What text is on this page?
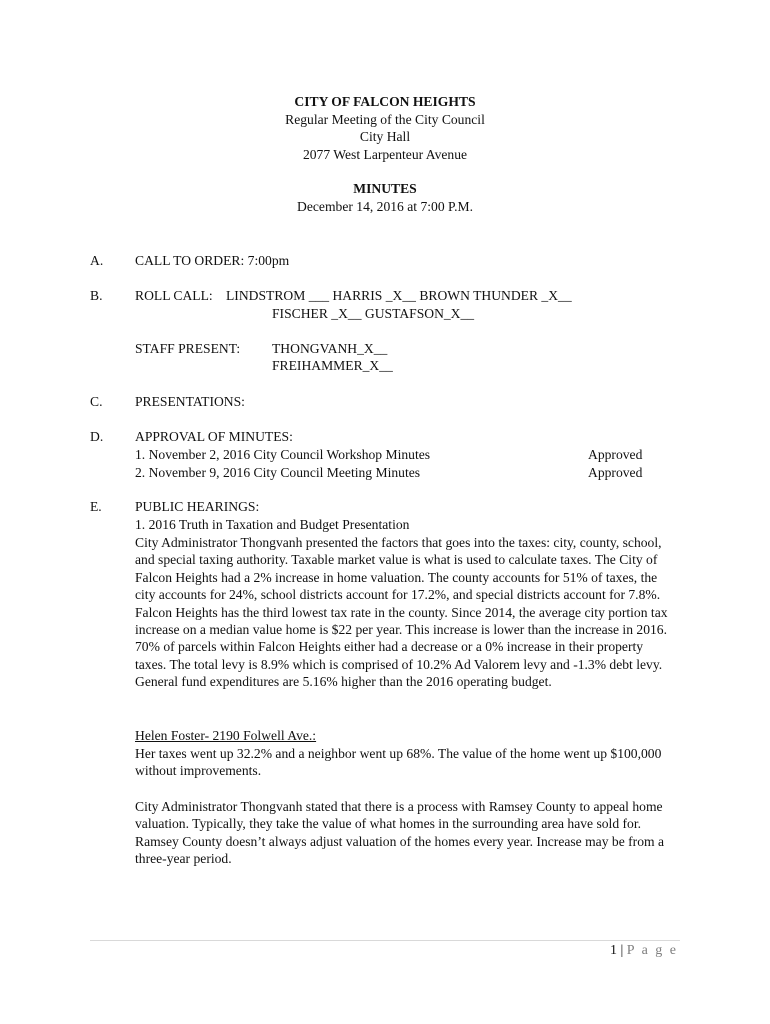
CITY OF FALCON HEIGHTS
Regular Meeting of the City Council
City Hall
2077 West Larpenteur Avenue
MINUTES
December 14, 2016 at 7:00 P.M.
A. CALL TO ORDER: 7:00pm
B. ROLL CALL: LINDSTROM ___ HARRIS _X__ BROWN THUNDER _X__
FISCHER _X__ GUSTAFSON_X__
STAFF PRESENT: THONGVANH_X__
FREIHAMMER_X__
C. PRESENTATIONS:
D. APPROVAL OF MINUTES:
1. November 2, 2016 City Council Workshop Minutes	Approved
2. November 9, 2016 City Council Meeting Minutes	Approved
E. PUBLIC HEARINGS:
1. 2016 Truth in Taxation and Budget Presentation
City Administrator Thongvanh presented the factors that goes into the taxes: city, county, school, and special taxing authority. Taxable market value is what is used to calculate taxes. The City of Falcon Heights had a 2% increase in home valuation. The county accounts for 51% of taxes, the city accounts for 24%, school districts account for 17.2%, and special districts account for 7.8%. Falcon Heights has the third lowest tax rate in the county. Since 2014, the average city portion tax increase on a median value home is $22 per year. This increase is lower than the increase in 2016. 70% of parcels within Falcon Heights either had a decrease or a 0% increase in their property taxes. The total levy is 8.9% which is comprised of 10.2% Ad Valorem levy and -1.3% debt levy. General fund expenditures are 5.16% higher than the 2016 operating budget.
Helen Foster- 2190 Folwell Ave.:
Her taxes went up 32.2% and a neighbor went up 68%. The value of the home went up $100,000 without improvements.
City Administrator Thongvanh stated that there is a process with Ramsey County to appeal home valuation. Typically, they take the value of what homes in the surrounding area have sold for. Ramsey County doesn’t always adjust valuation of the homes every year. Increase may be from a three-year period.
1 | P a g e
